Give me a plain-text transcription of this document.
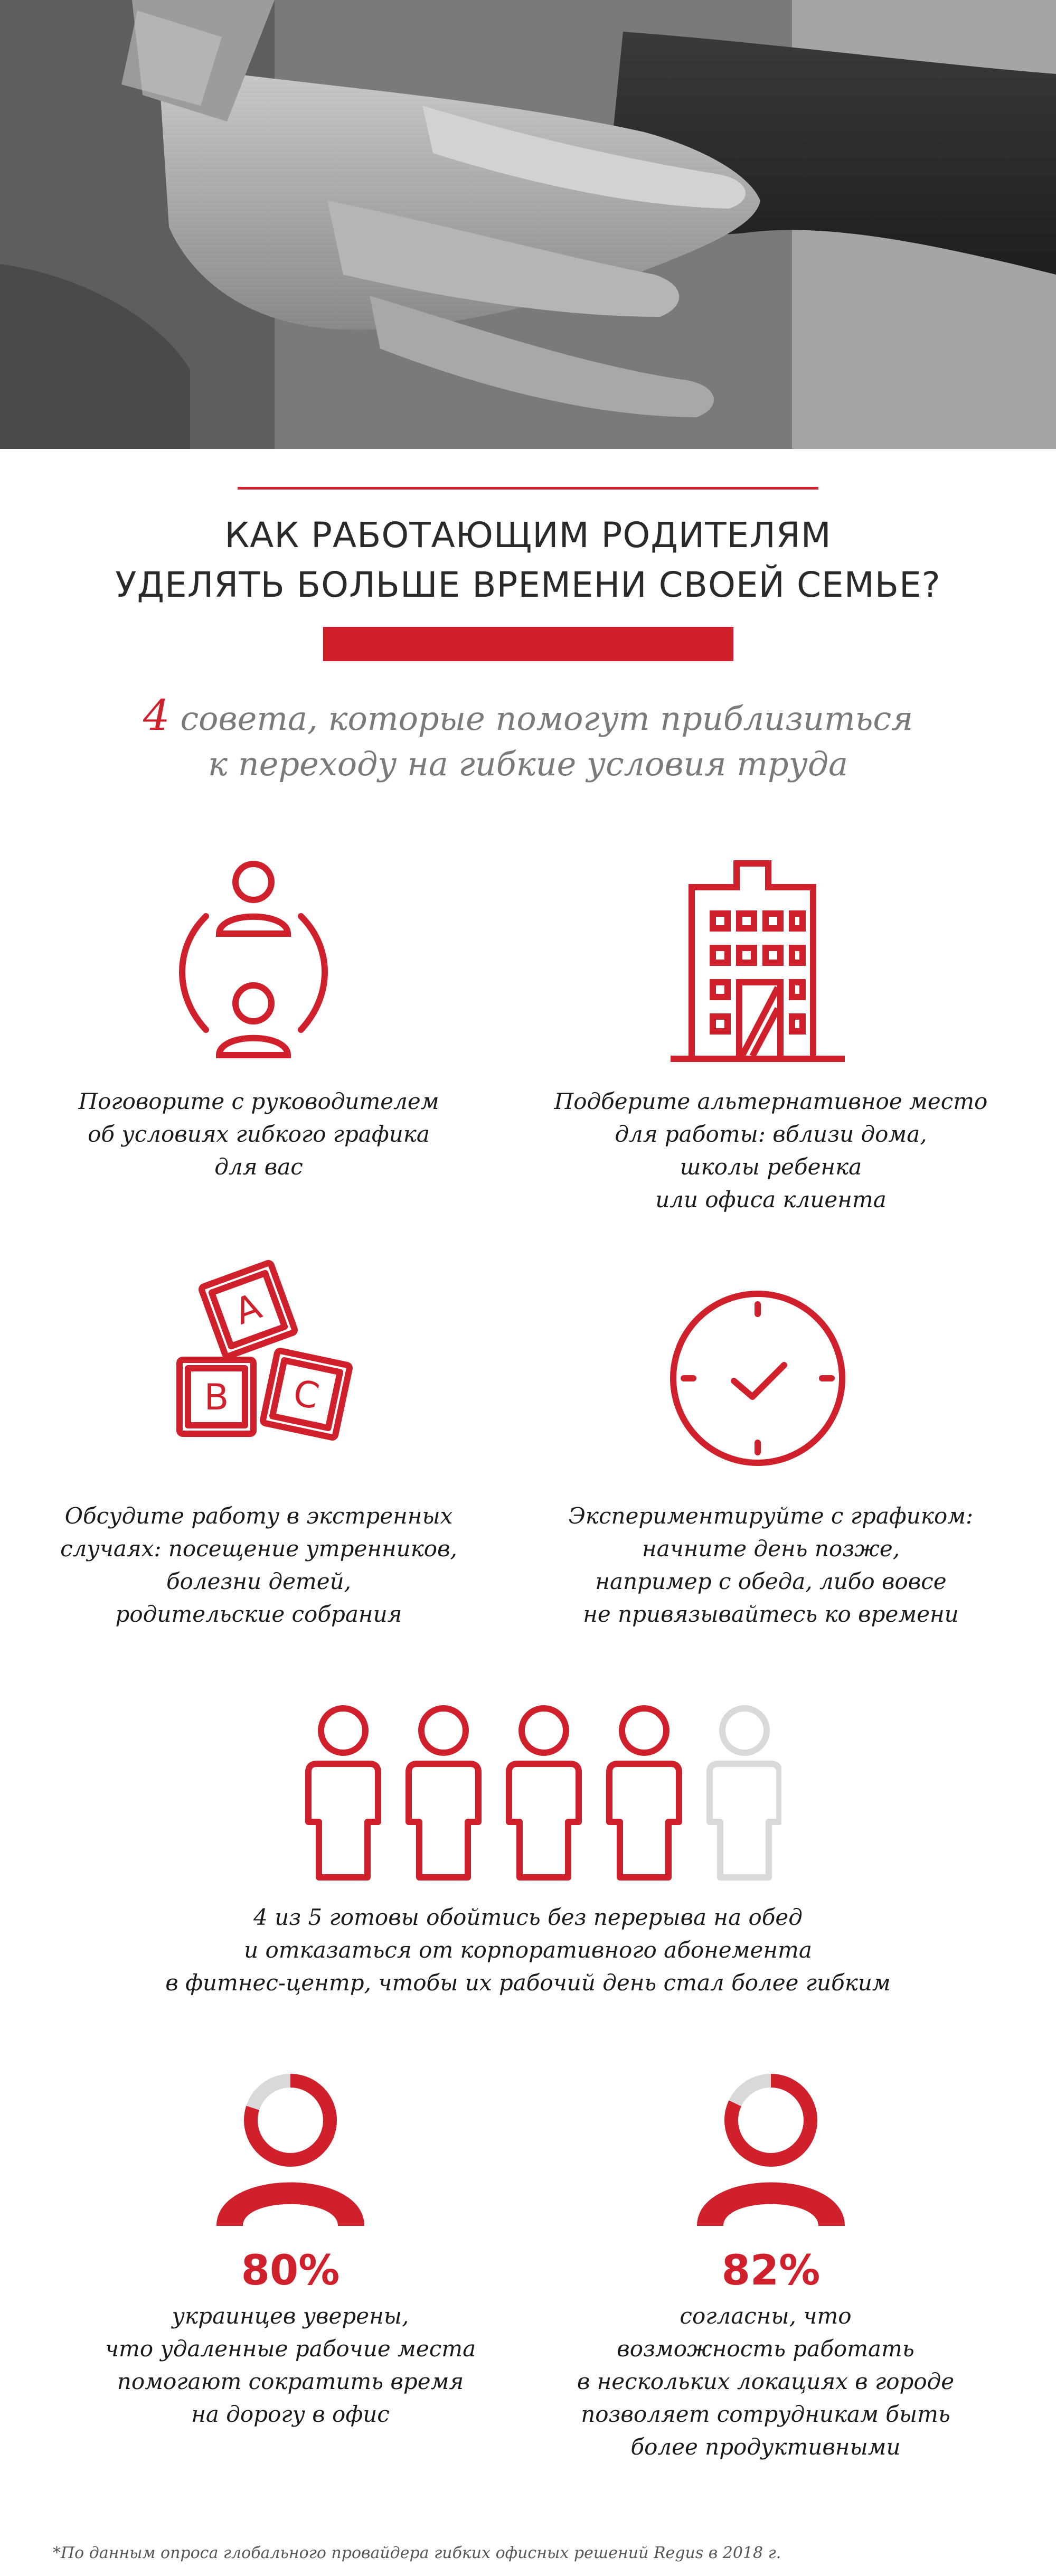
КАК РАБОТАЮЩИМ РОДИТЕЛЯМ
УДЕЛЯТЬ БОЛЬШЕ ВРЕМЕНИ СВОЕЙ СЕМЬЕ?
4 совета, которые помогут приблизиться
к переходу на гибкие условия труда
Поговорите с руководителем
об условиях гибкого графика
для вас
Подберите альтернативное место
для работы: вблизи дома,
школы ребенка
или офиса клиента
A
B C
Обсудите работу в экстренных
случаях: посещение утренников,
болезни детей,
родительские собрания
Экспериментируйте с графиком:
начните день позже,
например с обеда, либо вовсе
не привязывайтесь ко времени
4 из 5 готовы обойтись без перерыва на обед
и отказаться от корпоративного абонемента
в фитнес-центр, чтобы их рабочий день стал более гибким
80%
украинцев уверены,
что удаленные рабочие места
помогают сократить время
на дорогу в офис
82%
согласны, что
возможность работать
в нескольких локациях в городе
позволяет сотрудникам быть
более продуктивными
*По данным опроса глобального провайдера гибких офисных решений Regus в 2018 г.
